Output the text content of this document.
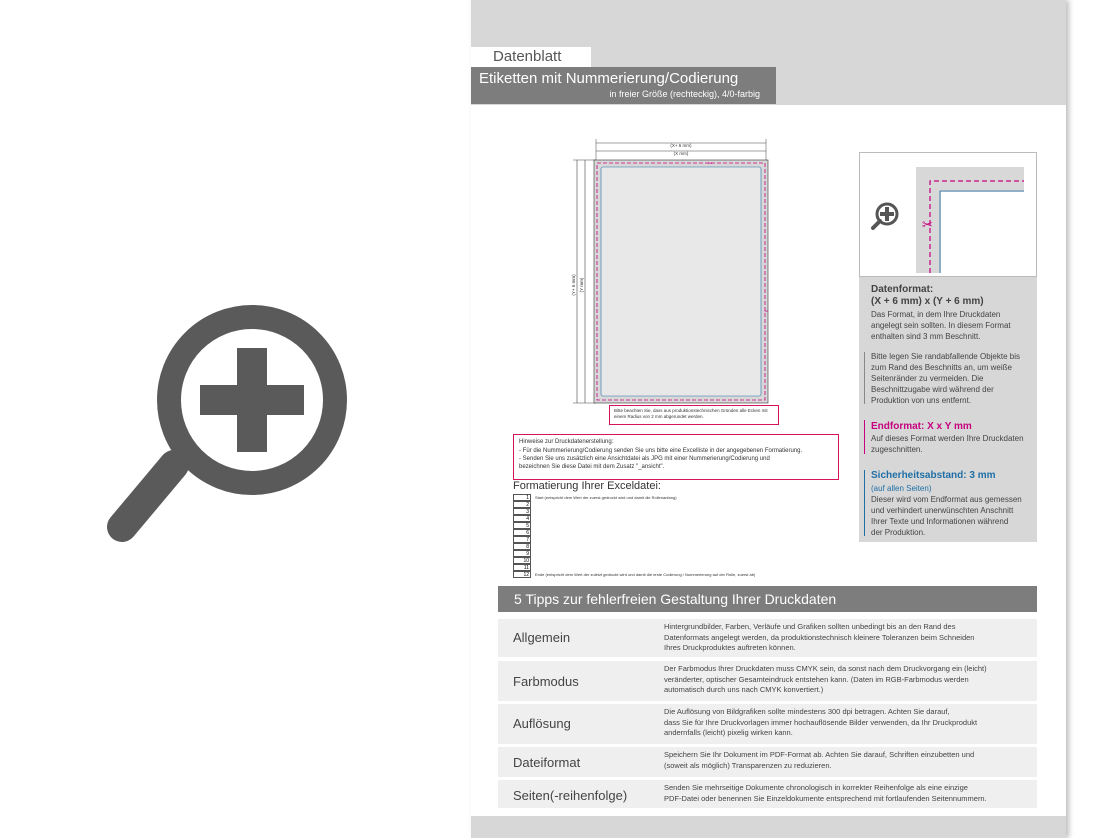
Datenblatt
Etiketten mit Nummerierung/Codierung
in freier Größe (rechteckig), 4/0-farbig
(X+ 6 mm)
(X mm)
(Y+ 6 mm) (Y mm)
✂
✂
Bitte beachten Sie, dass aus produktionstechnischen Gründen alle Ecken mit einem Radius von 2 mm abgerundet werden.
Hinweise zur Druckdatenerstellung:
- Für die Nummerierung/Codierung senden Sie uns bitte eine Excelliste in der angegebenen Formatierung.
- Senden Sie uns zusätzlich eine Ansichtdatei als JPG mit einer Nummerierung/Codierung und
bezeichnen Sie diese Datei mit dem Zusatz "_ansicht".
Formatierung Ihrer Exceldatei:
1	Start (entspricht dem Wert der zuerst gedruckt wird und damit die Rollenanfang)
2
3
4
5
6
7
8
9
10
11
12	Ende (entspricht dem Wert der zuletzt gedruckt wird und damit die erste Codierung / Nummerierung auf der Rolle, zuerst ab)
✂
Datenformat:
(X + 6 mm) x (Y + 6 mm)
Das Format, in dem Ihre Druckdaten
angelegt sein sollten. In diesem Format
enthalten sind 3 mm Beschnitt.
Bitte legen Sie randabfallende Objekte bis
zum Rand des Beschnitts an, um weiße
Seitenränder zu vermeiden. Die
Beschnittzugabe wird während der
Produktion von uns entfernt.
Endformat: X x Y mm
Auf dieses Format werden Ihre Druckdaten
zugeschnitten.
Sicherheitsabstand: 3 mm
(auf allen Seiten)
Dieser wird vom Endformat aus gemessen
und verhindert unerwünschten Anschnitt
Ihrer Texte und Informationen während
der Produktion.
5 Tipps zur fehlerfreien Gestaltung Ihrer Druckdaten
Allgemein
Hintergrundbilder, Farben, Verläufe und Grafiken sollten unbedingt bis an den Rand des
Datenformats angelegt werden, da produktionstechnisch kleinere Toleranzen beim Schneiden
Ihres Druckproduktes auftreten können.
Farbmodus
Der Farbmodus Ihrer Druckdaten muss CMYK sein, da sonst nach dem Druckvorgang ein (leicht)
veränderter, optischer Gesamteindruck entstehen kann. (Daten im RGB-Farbmodus werden
automatisch durch uns nach CMYK konvertiert.)
Auflösung
Die Auflösung von Bildgrafiken sollte mindestens 300 dpi betragen. Achten Sie darauf,
dass Sie für Ihre Druckvorlagen immer hochauflösende Bilder verwenden, da Ihr Druckprodukt
andernfalls (leicht) pixelig wirken kann.
Dateiformat
Speichern Sie Ihr Dokument im PDF-Format ab. Achten Sie darauf, Schriften einzubetten und
(soweit als möglich) Transparenzen zu reduzieren.
Seiten(-reihenfolge)
Senden Sie mehrseitige Dokumente chronologisch in korrekter Reihenfolge als eine einzige
PDF-Datei oder benennen Sie Einzeldokumente entsprechend mit fortlaufenden Seitennummern.
